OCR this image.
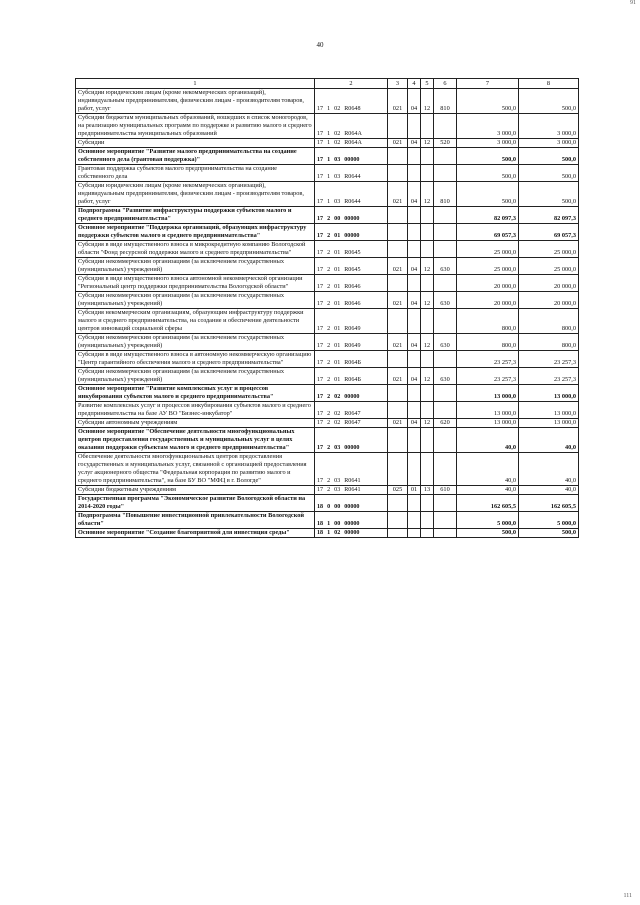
40
91
111
1	2	3	4	5	6	7	8
Субсидии юридическим лицам (кроме некоммерческих организаций), индивидуальным предпринимателям, физическим лицам - производителям товаров, работ, услуг	17 1 02 R0648	021	04	12	810	500,0	500,0
Субсидии бюджетам муниципальных образований, вошедших в список моногородов, на реализацию муниципальных программ по поддержке и развитию малого и среднего предпринимательства муниципальных образований	17 1 02 R064A					3 000,0	3 000,0
Субсидии	17 1 02 R064A	021	04	12	520	3 000,0	3 000,0
Основное мероприятие "Развитие малого предпринимательства на создание собственного дела (грантовая поддержка)"	17 1 03 00000					500,0	500,0
Грантовая поддержка субъектов малого предпринимательства на создание собственного дела	17 1 03 R0644					500,0	500,0
Субсидии юридическим лицам (кроме некоммерческих организаций), индивидуальным предпринимателям, физическим лицам - производителям товаров, работ, услуг	17 1 03 R0644	021	04	12	810	500,0	500,0
Подпрограмма "Развитие инфраструктуры поддержки субъектов малого и среднего предпринимательства"	17 2 00 00000					82 097,3	82 097,3
Основное мероприятие "Поддержка организаций, образующих инфраструктуру поддержки субъектов малого и среднего предпринимательства"	17 2 01 00000					69 057,3	69 057,3
Субсидия в виде имущественного взноса в микрокредитную компанию Вологодской области "Фонд ресурсной поддержки малого и среднего предпринимательства"	17 2 01 R0645					25 000,0	25 000,0
Субсидии некоммерческим организациям (за исключением государственных (муниципальных) учреждений)	17 2 01 R0645	021	04	12	630	25 000,0	25 000,0
Субсидия в виде имущественного взноса автономной некоммерческой организации "Региональный центр поддержки предпринимательства Вологодской области"	17 2 01 R0646					20 000,0	20 000,0
Субсидии некоммерческим организациям (за исключением государственных (муниципальных) учреждений)	17 2 01 R0646	021	04	12	630	20 000,0	20 000,0
Субсидия некоммерческим организациям, образующим инфраструктуру поддержки малого и среднего предпринимательства, на создание и обеспечение деятельности центров инноваций социальной сферы	17 2 01 R0649					800,0	800,0
Субсидии некоммерческим организациям (за исключением государственных (муниципальных) учреждений)	17 2 01 R0649	021	04	12	630	800,0	800,0
Субсидия в виде имущественного взноса в автономную некоммерческую организацию "Центр гарантийного обеспечения малого и среднего предпринимательства"	17 2 01 R064Б					23 257,3	23 257,3
Субсидии некоммерческим организациям (за исключением государственных (муниципальных) учреждений)	17 2 01 R064Б	021	04	12	630	23 257,3	23 257,3
Основное мероприятие "Развитие комплексных услуг и процессов инкубирования субъектов малого и среднего предпринимательства"	17 2 02 00000					13 000,0	13 000,0
Развитие комплексных услуг и процессов инкубирования субъектов малого и среднего предпринимательства на базе АУ ВО "Бизнес-инкубатор"	17 2 02 R0647					13 000,0	13 000,0
Субсидии автономным учреждениям	17 2 02 R0647	021	04	12	620	13 000,0	13 000,0
Основное мероприятие "Обеспечение деятельности многофункциональных центров предоставления государственных и муниципальных услуг в целях оказания поддержки субъектам малого и среднего предпринимательства"	17 2 03 00000					40,0	40,0
Обеспечение деятельности многофункциональных центров предоставления государственных и муниципальных услуг, связанной с организацией предоставления услуг акционерного общества "Федеральная корпорация по развитию малого и среднего предпринимательства", на базе БУ ВО "МФЦ в г. Вологде"	17 2 03 R0641					40,0	40,0
Субсидии бюджетным учреждениям	17 2 03 R0641	025	01	13	610	40,0	40,0
Государственная программа "Экономическое развитие Вологодской области на 2014-2020 годы"	18 0 00 00000					162 605,5	162 605,5
Подпрограмма "Повышение инвестиционной привлекательности Вологодской области"	18 1 00 00000					5 000,0	5 000,0
Основное мероприятие "Создание благоприятной для инвестиция среды"	18 1 02 00000					500,0	500,0
